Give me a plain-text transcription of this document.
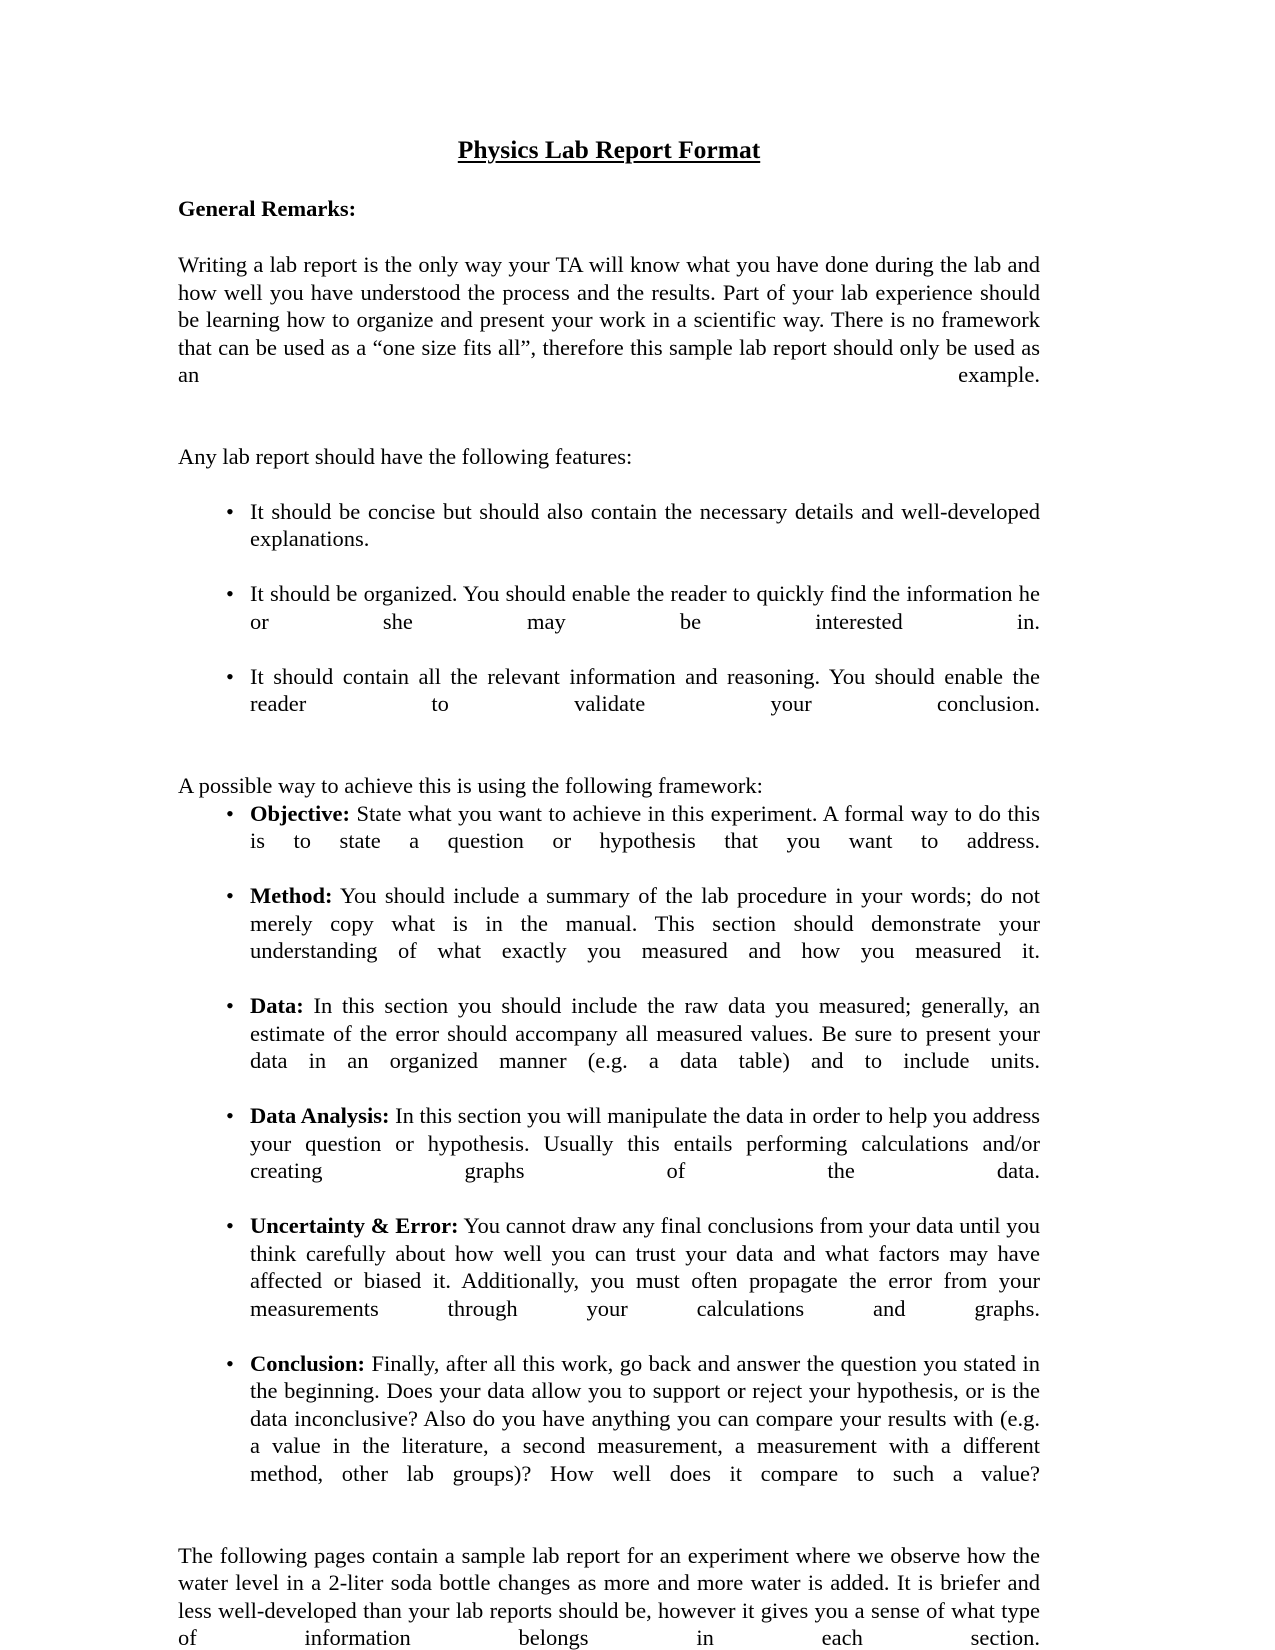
Physics Lab Report Format
General Remarks:

Writing a lab report is the only way your TA will know what you have done during the lab and how well you have understood the process and the results. Part of your lab experience should be learning how to organize and present your work in a scientific way. There is no framework that can be used as a “one size fits all”, therefore this sample lab report should only be used as an example.

Any lab report should have the following features:

• It should be concise but should also contain the necessary details and well-developed explanations.
• It should be organized. You should enable the reader to quickly find the information he or she may be interested in.
• It should contain all the relevant information and reasoning. You should enable the reader to validate your conclusion.

A possible way to achieve this is using the following framework:

• Objective: State what you want to achieve in this experiment. A formal way to do this is to state a question or hypothesis that you want to address.
• Method: You should include a summary of the lab procedure in your words; do not merely copy what is in the manual. This section should demonstrate your understanding of what exactly you measured and how you measured it.
• Data: In this section you should include the raw data you measured; generally, an estimate of the error should accompany all measured values. Be sure to present your data in an organized manner (e.g. a data table) and to include units.
• Data Analysis: In this section you will manipulate the data in order to help you address your question or hypothesis. Usually this entails performing calculations and/or creating graphs of the data.
• Uncertainty & Error: You cannot draw any final conclusions from your data until you think carefully about how well you can trust your data and what factors may have affected or biased it. Additionally, you must often propagate the error from your measurements through your calculations and graphs.
• Conclusion: Finally, after all this work, go back and answer the question you stated in the beginning. Does your data allow you to support or reject your hypothesis, or is the data inconclusive? Also do you have anything you can compare your results with (e.g. a value in the literature, a second measurement, a measurement with a different method, other lab groups)? How well does it compare to such a value?

The following pages contain a sample lab report for an experiment where we observe how the water level in a 2-liter soda bottle changes as more and more water is added. It is briefer and less well-developed than your lab reports should be, however it gives you a sense of what type of information belongs in each section.
